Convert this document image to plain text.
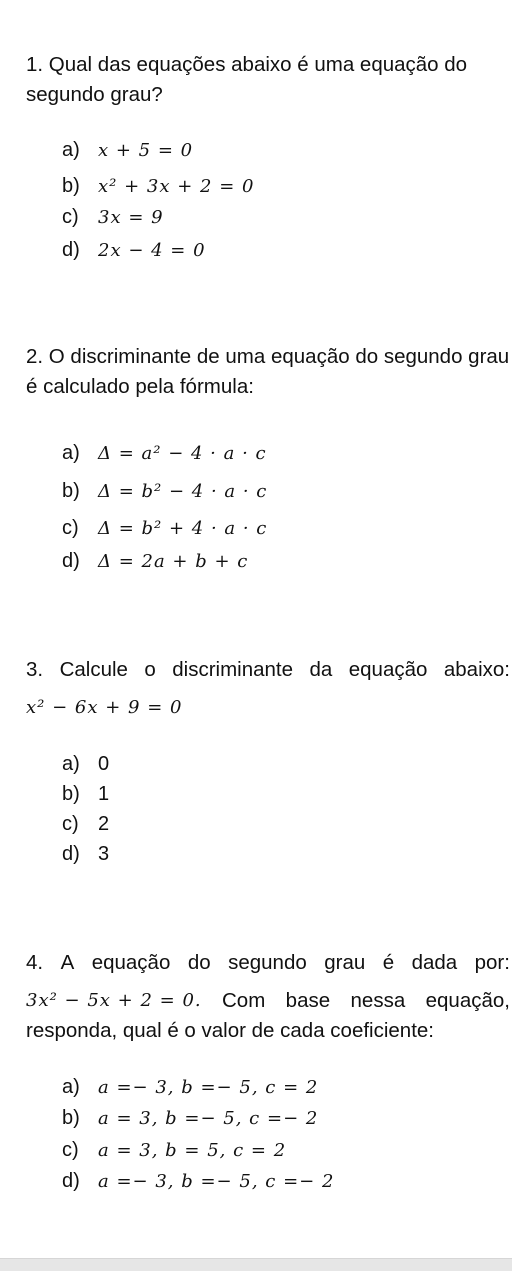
1. Qual das equações abaixo é uma equação do segundo grau?

a) x + 5 = 0
b) x² + 3x + 2 = 0
c) 3x = 9
d) 2x − 4 = 0

2. O discriminante de uma equação do segundo grau é calculado pela fórmula:

a) Δ = a² − 4 · a · c
b) Δ = b² − 4 · a · c
c) Δ = b² + 4 · a · c
d) Δ = 2a + b + c
3. Calcule o discriminante da equação abaixo:
x² − 6x + 9 = 0
a) 0
b) 1
c) 2
d) 3
4. A equação do segundo grau é dada por:
3x² − 5x + 2 = 0. Com base nessa equação,
responda, qual é o valor de cada coeficiente:
a) a =− 3, b =− 5, c = 2
b) a = 3, b =− 5, c =− 2
c) a = 3, b = 5, c = 2
d) a =− 3, b =− 5, c =− 2
